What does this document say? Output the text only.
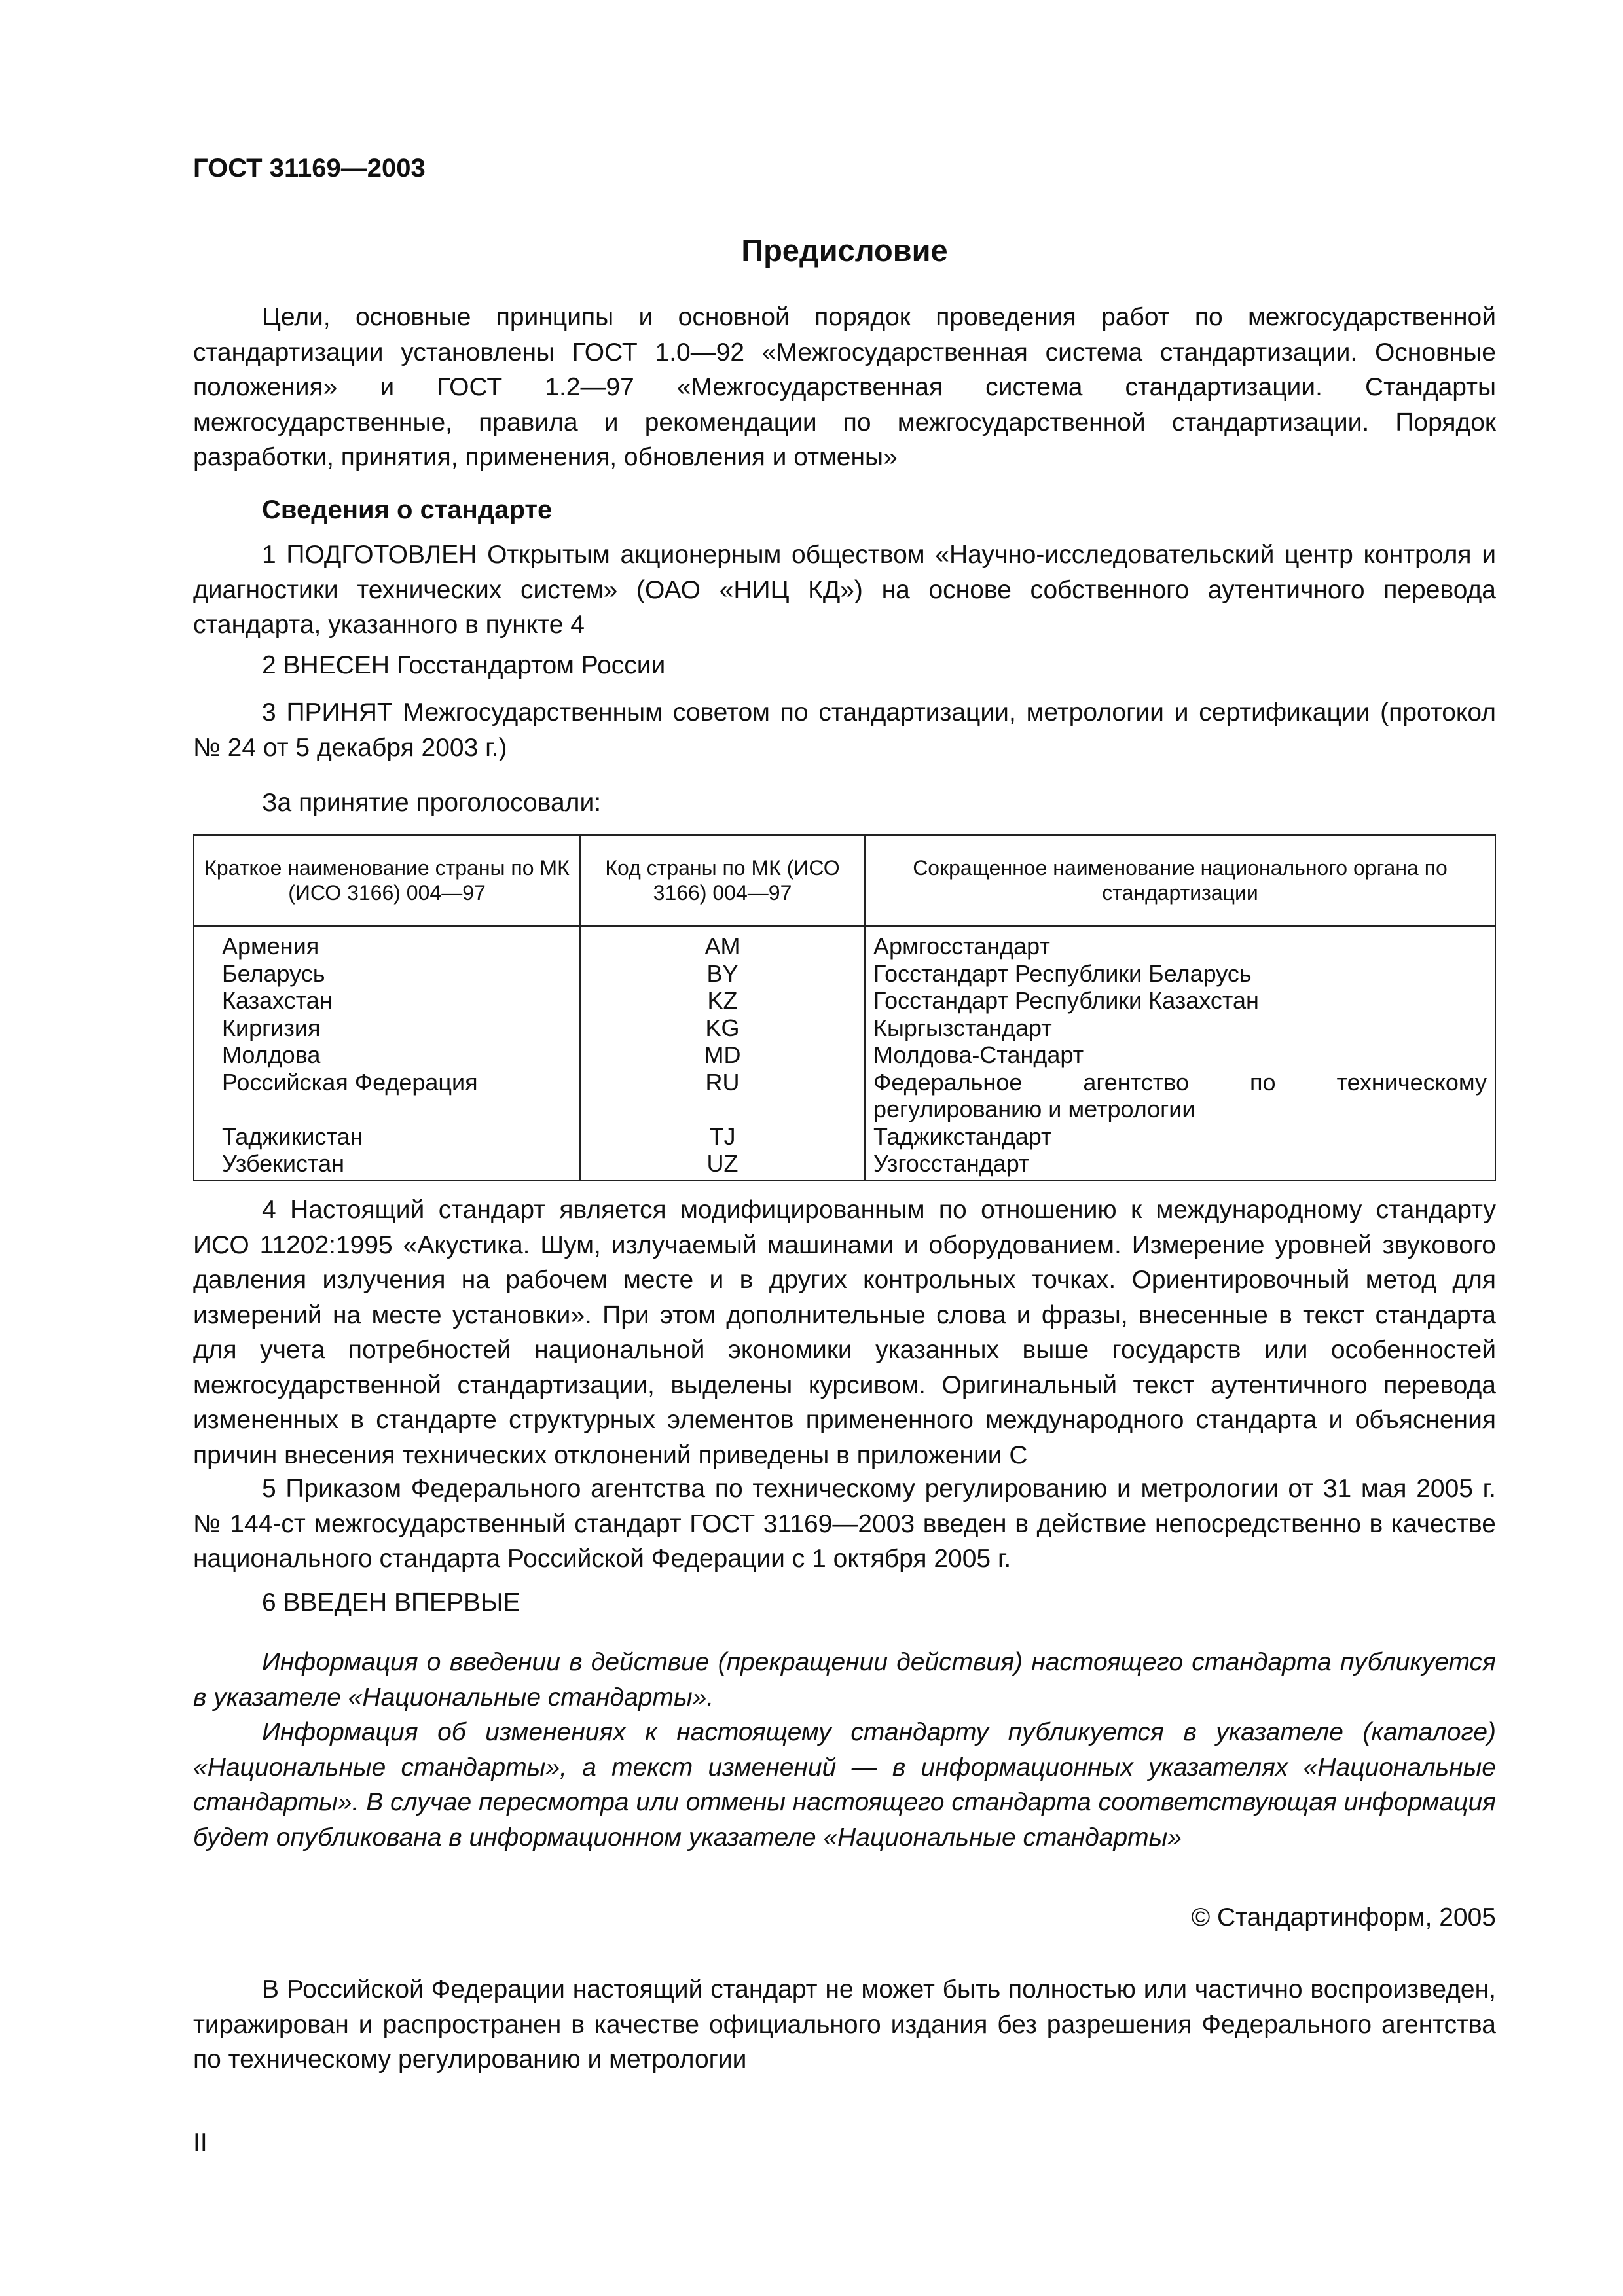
ГОСТ 31169—2003

Предисловие

Цели, основные принципы и основной порядок проведения работ по межгосударственной стандартизации установлены ГОСТ 1.0—92 «Межгосударственная система стандартизации. Основные положения» и ГОСТ 1.2—97 «Межгосударственная система стандартизации. Стандарты межгосударственные, правила и рекомендации по межгосударственной стандартизации. Порядок разработки, принятия, применения, обновления и отмены»

Сведения о стандарте

1 ПОДГОТОВЛЕН Открытым акционерным обществом «Научно-исследовательский центр контроля и диагностики технических систем» (ОАО «НИЦ КД») на основе собственного аутентичного перевода стандарта, указанного в пункте 4

2 ВНЕСЕН Госстандартом России

3 ПРИНЯТ Межгосударственным советом по стандартизации, метрологии и сертификации (протокол № 24 от 5 декабря 2003 г.)

За принятие проголосовали:

Краткое наименование страны по МК (ИСО 3166) 004—97	Код страны по МК (ИСО 3166) 004—97	Сокращенное наименование национального органа по стандартизации
Армения	AM	Армгосстандарт
Беларусь	BY	Госстандарт Республики Беларусь
Казахстан	KZ	Госстандарт Республики Казахстан
Киргизия	KG	Кыргызстандарт
Молдова	MD	Молдова-Стандарт
Российская Федерация	RU	Федеральное агентство по техническому регулированию и метрологии
Таджикистан	TJ	Таджикстандарт
Узбекистан	UZ	Узгосстандарт

4 Настоящий стандарт является модифицированным по отношению к международному стандарту ИСО 11202:1995 «Акустика. Шум, излучаемый машинами и оборудованием. Измерение уровней звукового давления излучения на рабочем месте и в других контрольных точках. Ориентировочный метод для измерений на месте установки». При этом дополнительные слова и фразы, внесенные в текст стандарта для учета потребностей национальной экономики указанных выше государств или особенностей межгосударственной стандартизации, выделены курсивом. Оригинальный текст аутентичного перевода измененных в стандарте структурных элементов примененного международного стандарта и объяснения причин внесения технических отклонений приведены в приложении С

5 Приказом Федерального агентства по техническому регулированию и метрологии от 31 мая 2005 г. № 144-ст межгосударственный стандарт ГОСТ 31169—2003 введен в действие непосредственно в качестве национального стандарта Российской Федерации с 1 октября 2005 г.

6 ВВЕДЕН ВПЕРВЫЕ

Информация о введении в действие (прекращении действия) настоящего стандарта публикуется в указателе «Национальные стандарты».

Информация об изменениях к настоящему стандарту публикуется в указателе (каталоге) «Национальные стандарты», а текст изменений — в информационных указателях «Национальные стандарты». В случае пересмотра или отмены настоящего стандарта соответствующая информация будет опубликована в информационном указателе «Национальные стандарты»

© Стандартинформ, 2005

В Российской Федерации настоящий стандарт не может быть полностью или частично воспроизведен, тиражирован и распространен в качестве официального издания без разрешения Федерального агентства по техническому регулированию и метрологии

II
